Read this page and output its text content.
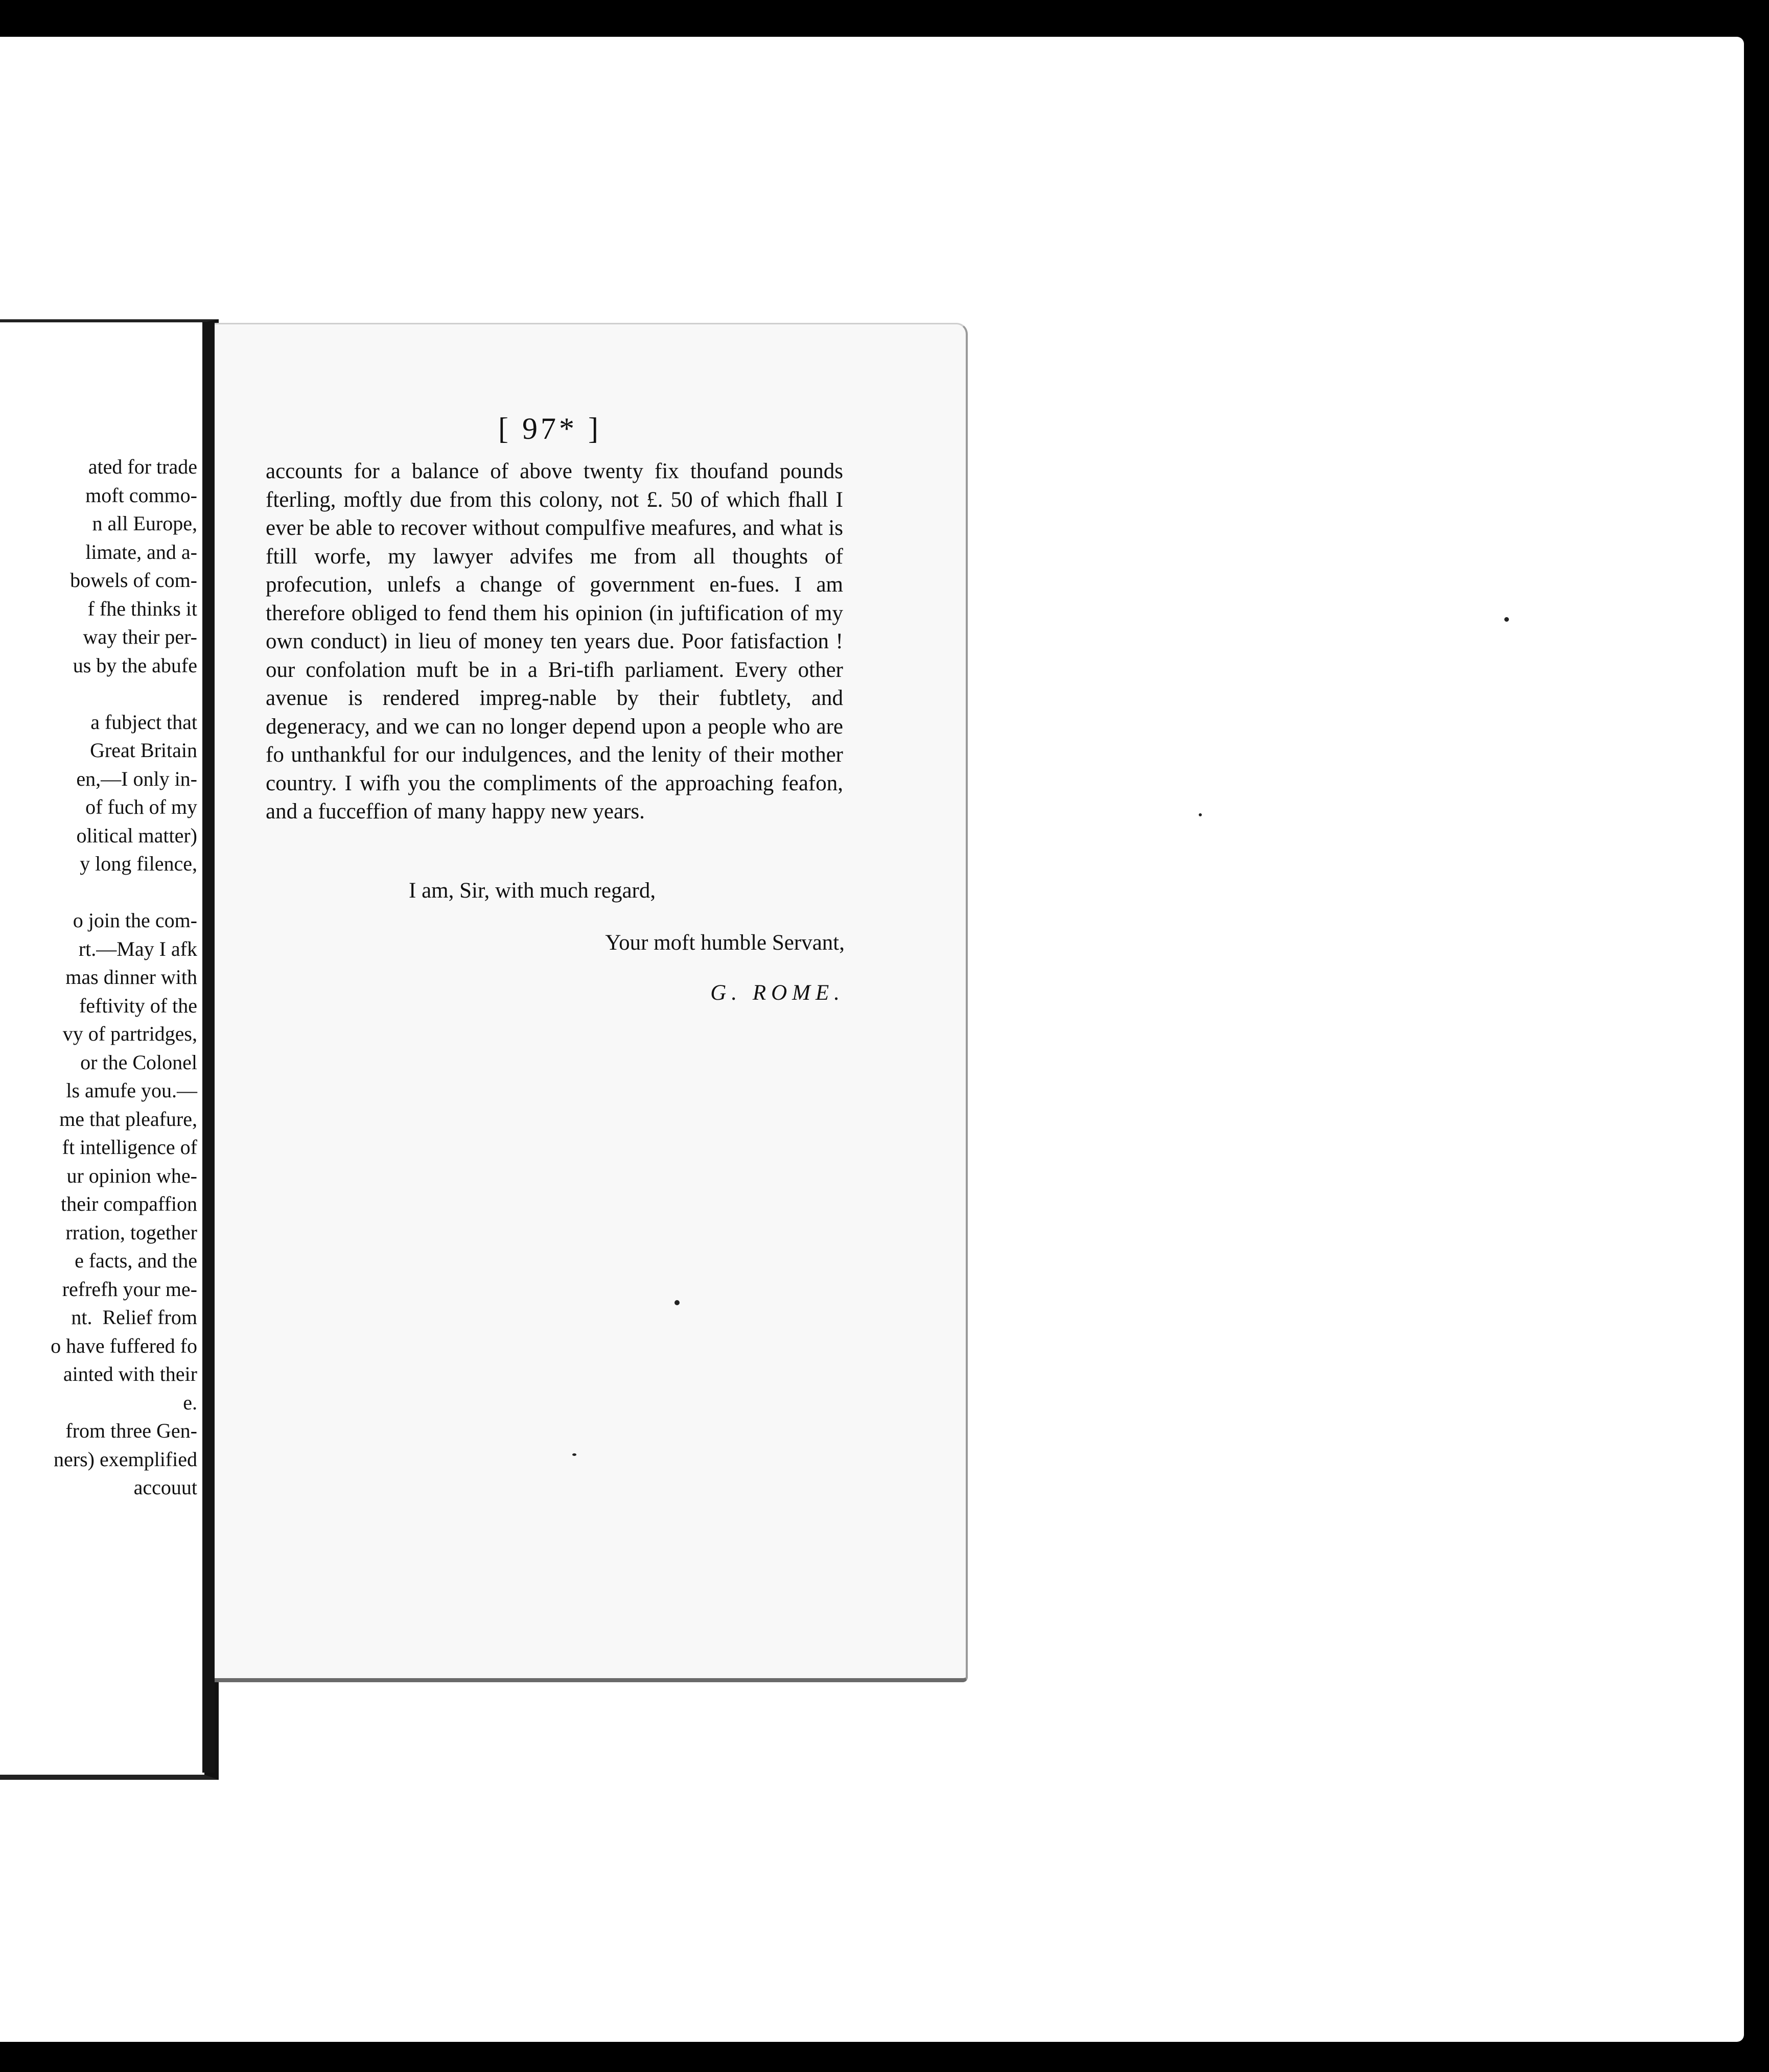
ated for trade
moft commo-
n all Europe,
limate, and a-
bowels of com-
f fhe thinks it
way their per-
us by the abufe

a fubject that
Great Britain
en,—I only in-
of fuch of my
olitical matter)
y long filence,

o join the com-
rt.—May I afk
mas dinner with
feftivity of the
vy of partridges,
or the Colonel
ls amufe you.—
me that pleafure,
ft intelligence of
ur opinion whe-
their compaffion
rration, together
e facts, and the
refrefh your me-
nt.  Relief from
o have fuffered fo
ainted with their
e.
from three Gen-
ners) exemplified
accouut
[ 97* ]
accounts for a balance of above twenty fix thoufand pounds fterling, moftly due from this colony, not £. 50 of which fhall I ever be able to recover without compulfive meafures, and what is ftill worfe, my lawyer advifes me from all thoughts of profecution, unlefs a change of government en-fues. I am therefore obliged to fend them his opinion (in juftification of my own conduct) in lieu of money ten years due. Poor fatisfaction ! our confolation muft be in a Bri-tifh parliament. Every other avenue is rendered impreg-nable by their fubtlety, and degeneracy, and we can no longer depend upon a people who are fo unthankful for our indulgences, and the lenity of their mother country. I wifh you the compliments of the approaching feafon, and a fucceffion of many happy new years.
I am, Sir, with much regard,
Your moft humble Servant,
G. ROME.
